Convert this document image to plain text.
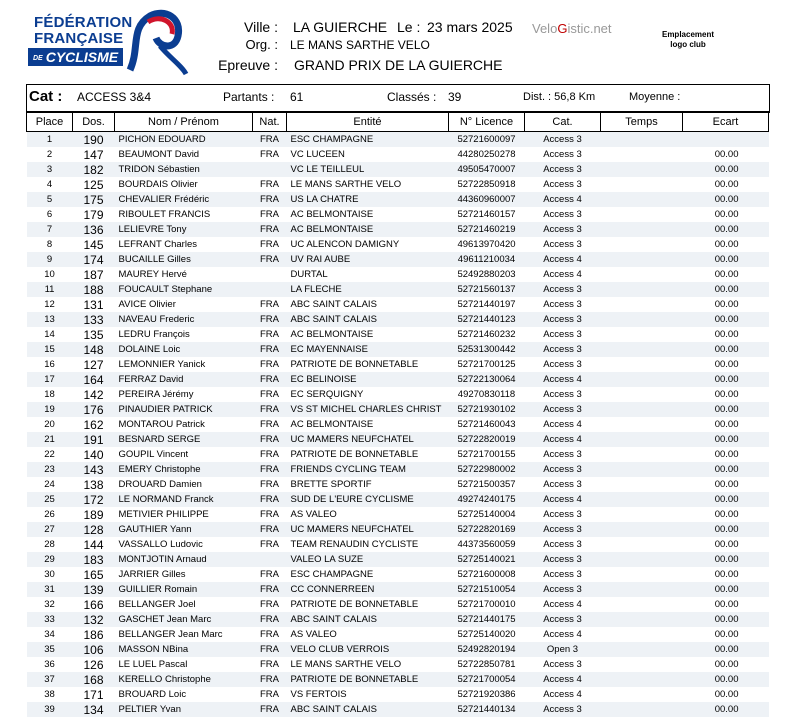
FÉDÉRATION
FRANÇAISE
DE CYCLISME
Ville : LA GUIERCHE Le : 23 mars 2025 VeloGistic.net	Emplacement
logo club
Org. : LE MANS SARTHE VELO
Epreuve : GRAND PRIX DE LA GUIERCHE
Cat : ACCESS 3&4	Partants : 61	Classés : 39	Dist. : 56,8 Km	Moyenne :
Place	Dos.	Nom / Prénom	Nat.	Entité	N° Licence	Cat.	Temps	Ecart
1	190	PICHON EDOUARD	FRA	ESC CHAMPAGNE	52721600097	Access 3		
2	147	BEAUMONT David	FRA	VC LUCEEN	44280250278	Access 3		00.00
3	182	TRIDON Sébastien		VC LE TEILLEUL	49505470007	Access 3		00.00
4	125	BOURDAIS Olivier	FRA	LE MANS SARTHE VELO	52722850918	Access 3		00.00
5	175	CHEVALIER Frédéric	FRA	US LA CHATRE	44360960007	Access 4		00.00
6	179	RIBOULET FRANCIS	FRA	AC BELMONTAISE	52721460157	Access 3		00.00
7	136	LELIEVRE Tony	FRA	AC BELMONTAISE	52721460219	Access 3		00.00
8	145	LEFRANT Charles	FRA	UC ALENCON DAMIGNY	49613970420	Access 3		00.00
9	174	BUCAILLE Gilles	FRA	UV RAI AUBE	49611210034	Access 4		00.00
10	187	MAUREY Hervé		DURTAL	52492880203	Access 4		00.00
11	188	FOUCAULT Stephane		LA FLECHE	52721560137	Access 3		00.00
12	131	AVICE Olivier	FRA	ABC SAINT CALAIS	52721440197	Access 3		00.00
13	133	NAVEAU Frederic	FRA	ABC SAINT CALAIS	52721440123	Access 3		00.00
14	135	LEDRU François	FRA	AC BELMONTAISE	52721460232	Access 3		00.00
15	148	DOLAINE Loic	FRA	EC MAYENNAISE	52531300442	Access 3		00.00
16	127	LEMONNIER Yanick	FRA	PATRIOTE DE BONNETABLE	52721700125	Access 3		00.00
17	164	FERRAZ David	FRA	EC BELINOISE	52722130064	Access 4		00.00
18	142	PEREIRA Jérémy	FRA	EC SERQUIGNY	49270830118	Access 3		00.00
19	176	PINAUDIER PATRICK	FRA	VS ST MICHEL CHARLES CHRIST	52721930102	Access 3		00.00
20	162	MONTAROU Patrick	FRA	AC BELMONTAISE	52721460043	Access 4		00.00
21	191	BESNARD SERGE	FRA	UC MAMERS NEUFCHATEL	52722820019	Access 4		00.00
22	140	GOUPIL Vincent	FRA	PATRIOTE DE BONNETABLE	52721700155	Access 3		00.00
23	143	EMERY Christophe	FRA	FRIENDS CYCLING TEAM	52722980002	Access 3		00.00
24	138	DROUARD Damien	FRA	BRETTE SPORTIF	52721500357	Access 3		00.00
25	172	LE NORMAND Franck	FRA	SUD DE L'EURE CYCLISME	49274240175	Access 4		00.00
26	189	METIVIER PHILIPPE	FRA	AS VALEO	52725140004	Access 3		00.00
27	128	GAUTHIER Yann	FRA	UC MAMERS NEUFCHATEL	52722820169	Access 3		00.00
28	144	VASSALLO Ludovic	FRA	TEAM RENAUDIN CYCLISTE	44373560059	Access 3		00.00
29	183	MONTJOTIN Arnaud		VALEO LA SUZE	52725140021	Access 3		00.00
30	165	JARRIER Gilles	FRA	ESC CHAMPAGNE	52721600008	Access 3		00.00
31	139	GUILLIER Romain	FRA	CC CONNERREEN	52721510054	Access 3		00.00
32	166	BELLANGER Joel	FRA	PATRIOTE DE BONNETABLE	52721700010	Access 4		00.00
33	132	GASCHET Jean Marc	FRA	ABC SAINT CALAIS	52721440175	Access 3		00.00
34	186	BELLANGER Jean Marc	FRA	AS VALEO	52725140020	Access 4		00.00
35	106	MASSON NBina	FRA	VELO CLUB VERROIS	52492820194	Open 3		00.00
36	126	LE LUEL Pascal	FRA	LE MANS SARTHE VELO	52722850781	Access 3		00.00
37	168	KERELLO Christophe	FRA	PATRIOTE DE BONNETABLE	52721700054	Access 4		00.00
38	171	BROUARD Loic	FRA	VS FERTOIS	52721920386	Access 4		00.00
39	134	PELTIER Yvan	FRA	ABC SAINT CALAIS	52721440134	Access 3		00.00
